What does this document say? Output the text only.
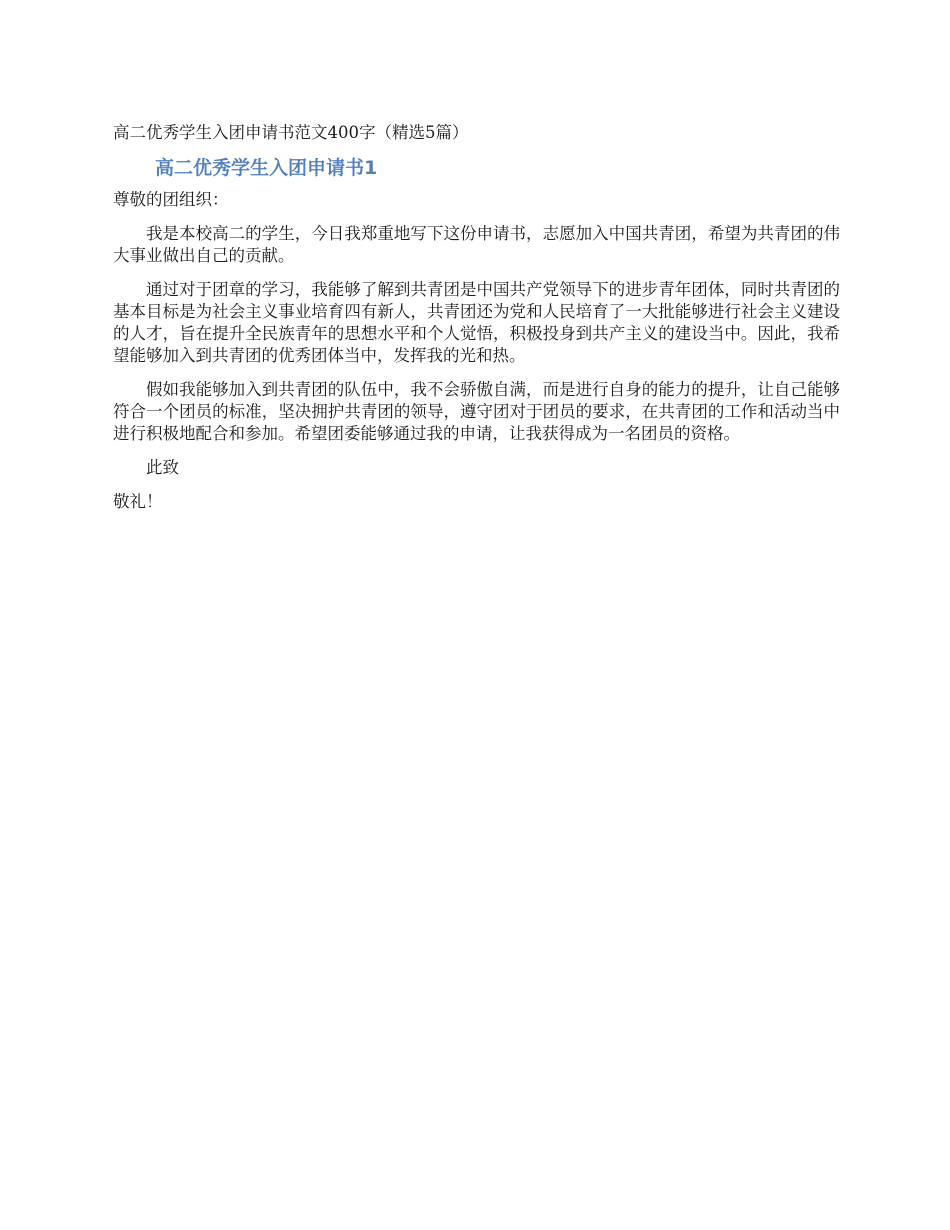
高二优秀学生入团申请书范文400字（精选5篇）

高二优秀学生入团申请书1

尊敬的团组织：

我是本校高二的学生，今日我郑重地写下这份申请书，志愿加入中国共青团，希望为共青团的伟大事业做出自己的贡献。

通过对于团章的学习，我能够了解到共青团是中国共产党领导下的进步青年团体，同时共青团的基本目标是为社会主义事业培育四有新人，共青团还为党和人民培育了一大批能够进行社会主义建设的人才，旨在提升全民族青年的思想水平和个人觉悟，积极投身到共产主义的建设当中。因此，我希望能够加入到共青团的优秀团体当中，发挥我的光和热。

假如我能够加入到共青团的队伍中，我不会骄傲自满，而是进行自身的能力的提升，让自己能够符合一个团员的标准，坚决拥护共青团的领导，遵守团对于团员的要求，在共青团的工作和活动当中进行积极地配合和参加。希望团委能够通过我的申请，让我获得成为一名团员的资格。

此致

敬礼！
